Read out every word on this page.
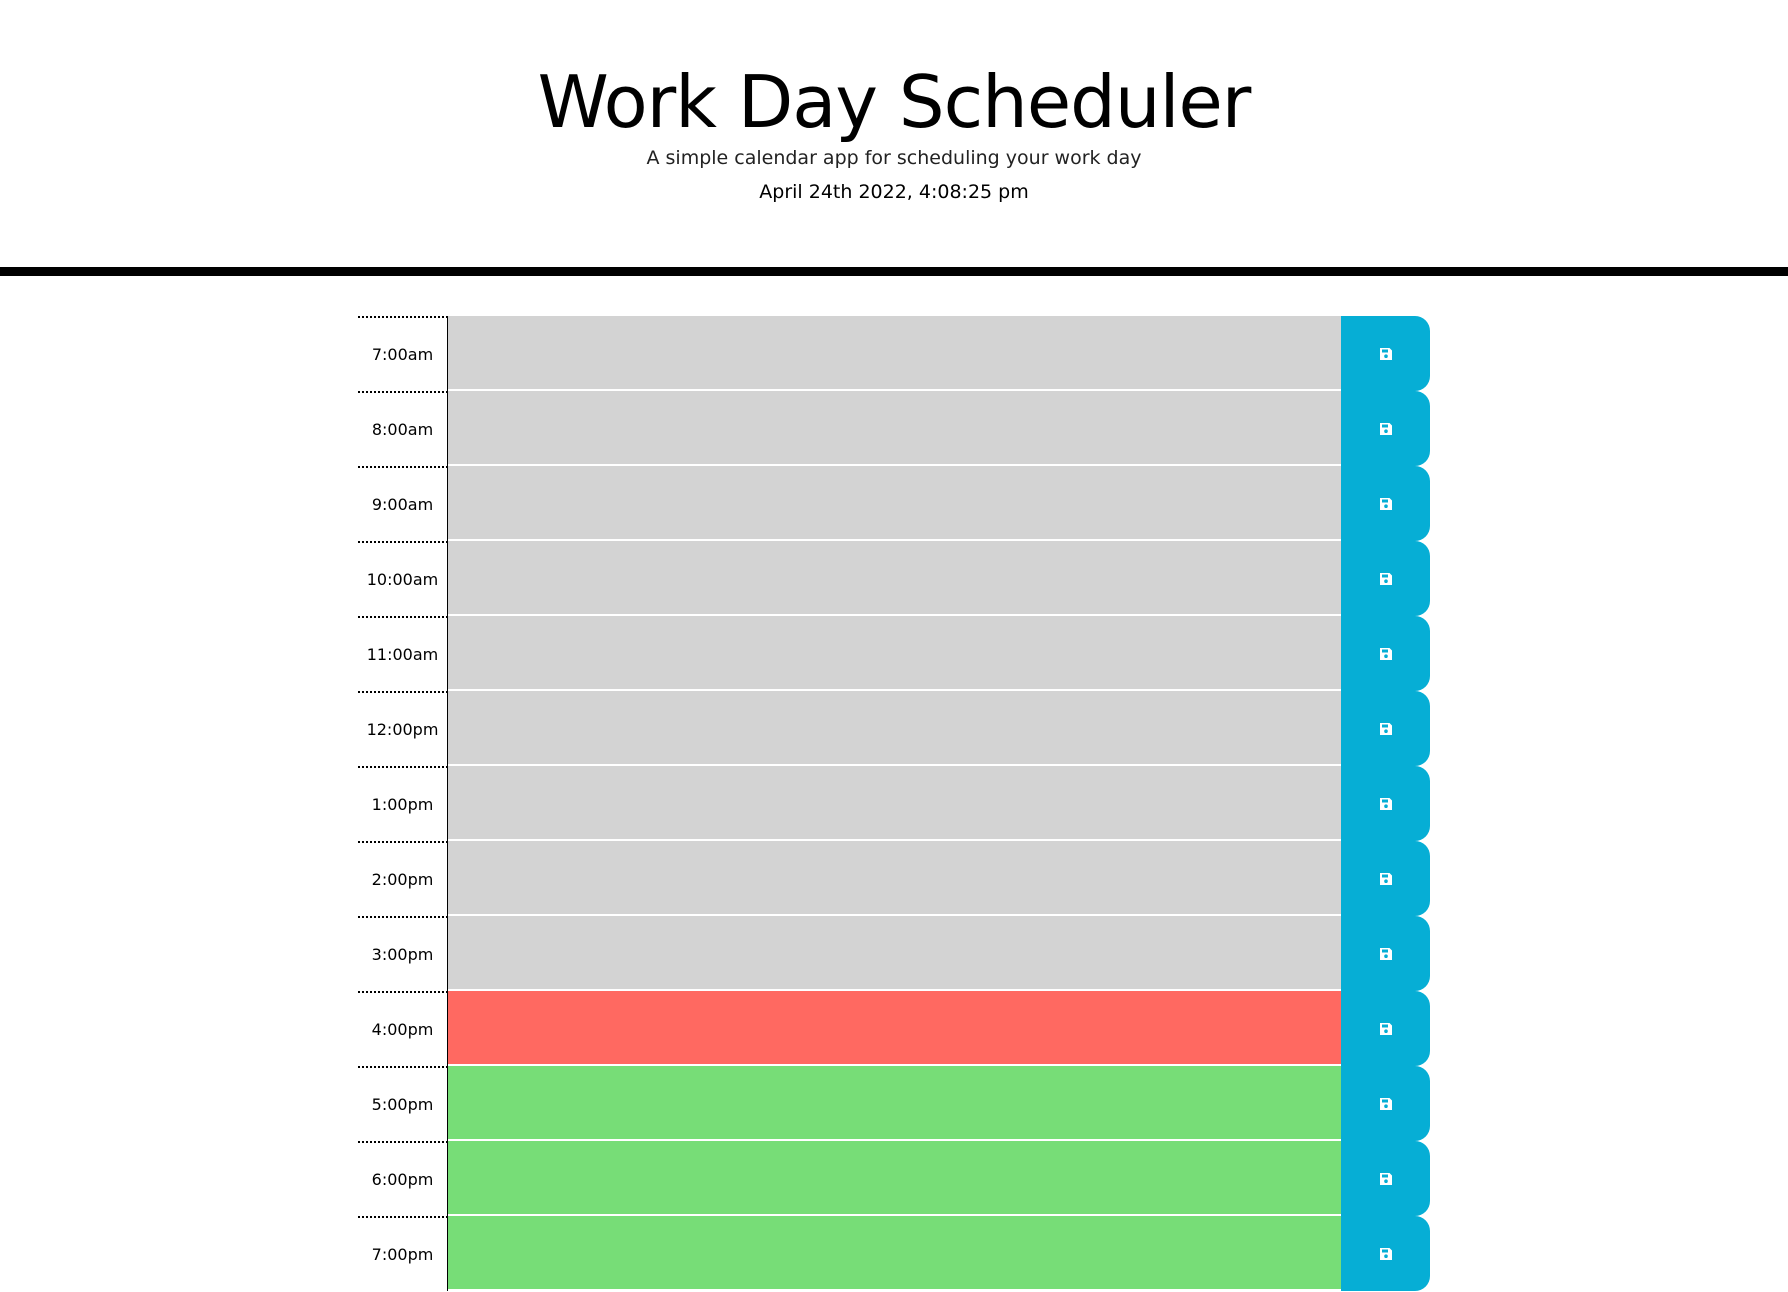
Work Day Scheduler

A simple calendar app for scheduling your work day

April 24th 2022, 4:08:25 pm

7:00am
8:00am
9:00am
10:00am
11:00am
12:00pm
1:00pm
2:00pm
3:00pm
4:00pm
5:00pm
6:00pm
7:00pm
